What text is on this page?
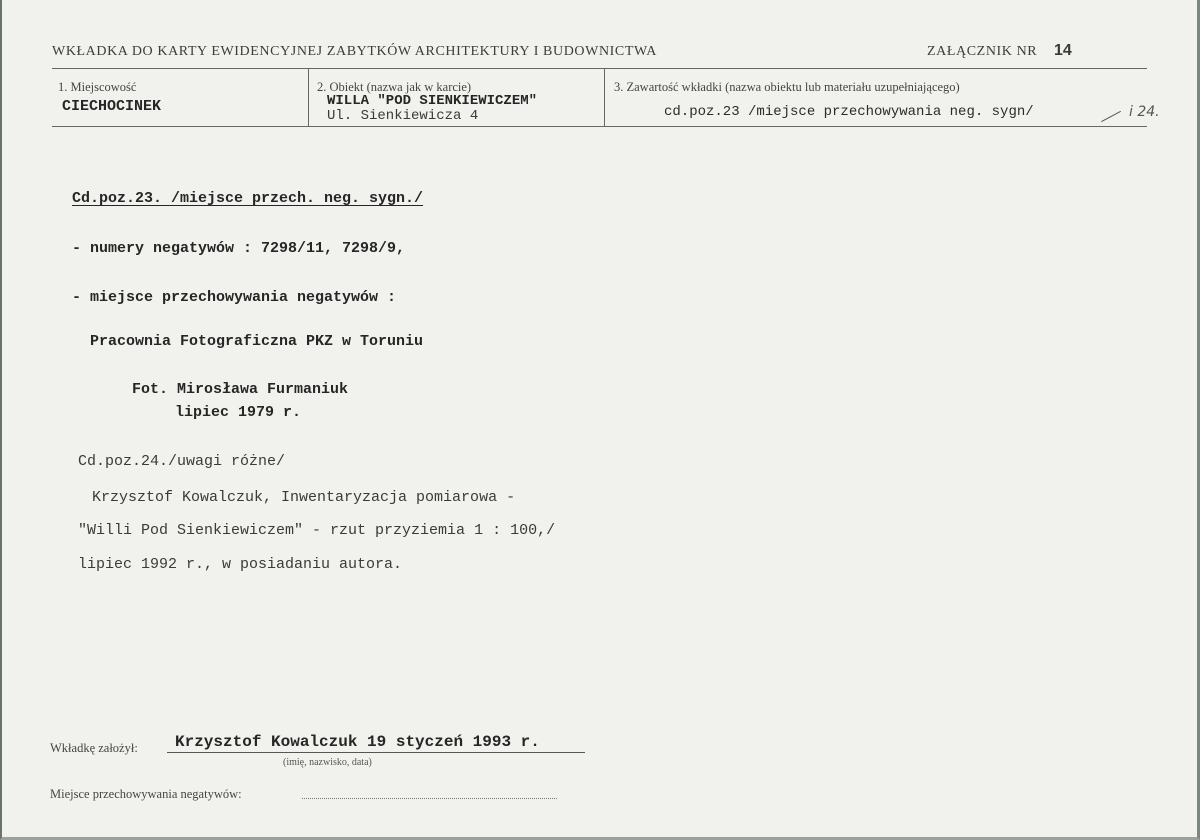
WKŁADKA DO KARTY EWIDENCYJNEJ ZABYTKÓW ARCHITEKTURY I BUDOWNICTWA	ZAŁĄCZNIK NR 14
1. Miejscowość
CIECHOCINEK
2. Obiekt (nazwa jak w karcie)
WILLA "POD SIENKIEWICZEM"
Ul. Sienkiewicza 4
3. Zawartość wkładki (nazwa obiektu lub materiału uzupełniającego)
cd.poz.23 /miejsce przechowywania neg. sygn/	i 24.
Cd.poz.23. /miejsce przech. neg. sygn./
- numery negatywów : 7298/11, 7298/9,
- miejsce przechowywania negatywów :
Pracownia Fotograficzna PKZ w Toruniu
Fot. Mirosława Furmaniuk
lipiec 1979 r.
Cd.poz.24./uwagi różne/
Krzysztof Kowalczuk, Inwentaryzacja pomiarowa -
"Willi Pod Sienkiewiczem" - rzut przyziemia 1 : 100,/
lipiec 1992 r., w posiadaniu autora.
Wkładkę założył: Krzysztof Kowalczuk 19 styczeń 1993 r.
(imię, nazwisko, data)
Miejsce przechowywania negatywów:
